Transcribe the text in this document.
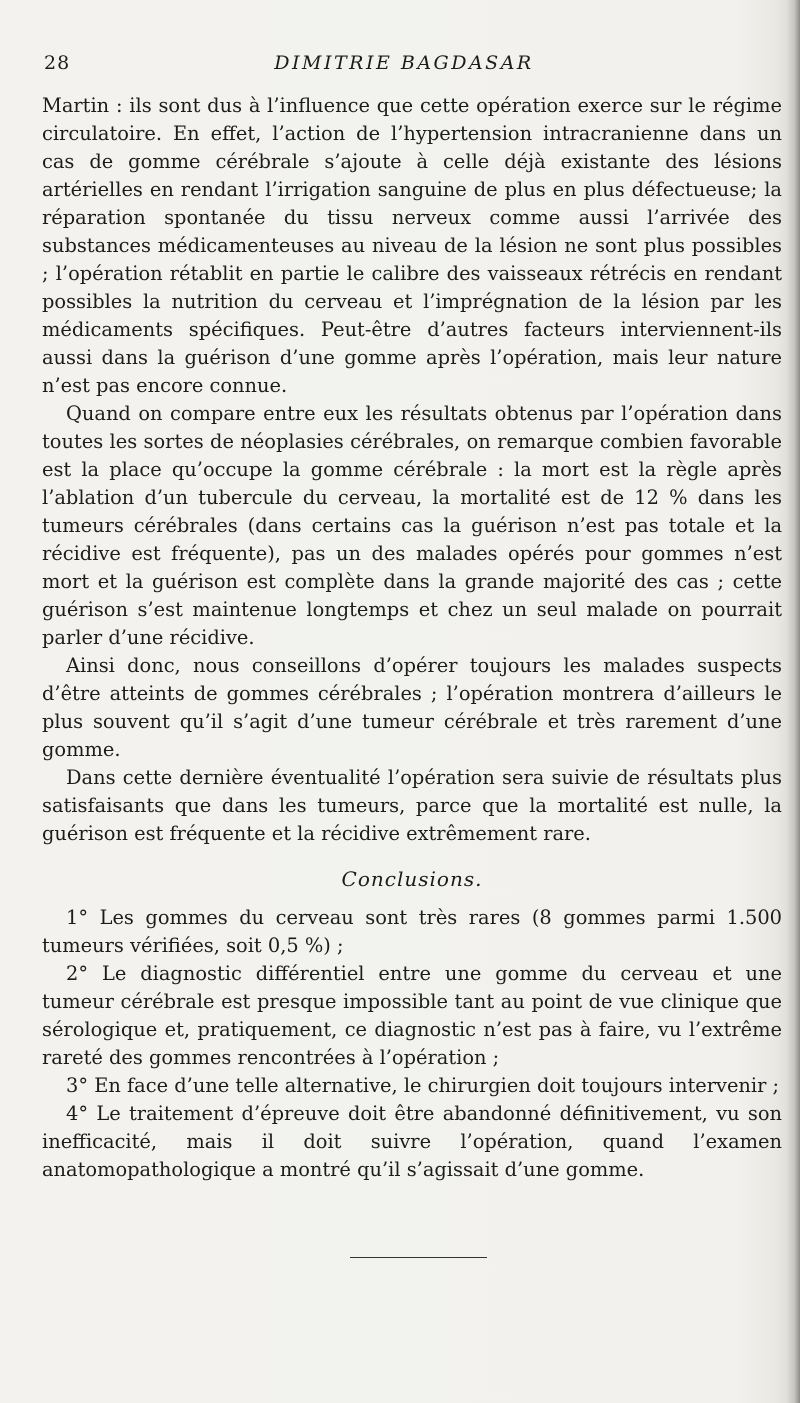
28	DIMITRIE BAGDASAR

Martin : ils sont dus à l’influence que cette opération exerce sur le régime circulatoire. En effet, l’action de l’hypertension intracranienne dans un cas de gomme cérébrale s’ajoute à celle déjà existante des lésions artérielles en rendant l’irrigation sanguine de plus en plus défectueuse; la réparation spontanée du tissu nerveux comme aussi l’arrivée des substances médicamenteuses au niveau de la lésion ne sont plus possibles ; l’opération rétablit en partie le calibre des vaisseaux rétrécis en rendant possibles la nutrition du cerveau et l’imprégnation de la lésion par les médicaments spécifiques. Peut-être d’autres facteurs interviennent-ils aussi dans la guérison d’une gomme après l’opération, mais leur nature n’est pas encore connue.

Quand on compare entre eux les résultats obtenus par l’opération dans toutes les sortes de néoplasies cérébrales, on remarque combien favorable est la place qu’occupe la gomme cérébrale : la mort est la règle après l’ablation d’un tubercule du cerveau, la mortalité est de 12 % dans les tumeurs cérébrales (dans certains cas la guérison n’est pas totale et la récidive est fréquente), pas un des malades opérés pour gommes n’est mort et la guérison est complète dans la grande majorité des cas ; cette guérison s’est maintenue longtemps et chez un seul malade on pourrait parler d’une récidive.

Ainsi donc, nous conseillons d’opérer toujours les malades suspects d’être atteints de gommes cérébrales ; l’opération montrera d’ailleurs le plus souvent qu’il s’agit d’une tumeur cérébrale et très rarement d’une gomme.

Dans cette dernière éventualité l’opération sera suivie de résultats plus satisfaisants que dans les tumeurs, parce que la mortalité est nulle, la guérison est fréquente et la récidive extrêmement rare.

Conclusions.

1° Les gommes du cerveau sont très rares (8 gommes parmi 1.500 tumeurs vérifiées, soit 0,5 %) ;

2° Le diagnostic différentiel entre une gomme du cerveau et une tumeur cérébrale est presque impossible tant au point de vue clinique que sérologique et, pratiquement, ce diagnostic n’est pas à faire, vu l’extrême rareté des gommes rencontrées à l’opération ;

3° En face d’une telle alternative, le chirurgien doit toujours intervenir ;

4° Le traitement d’épreuve doit être abandonné définitivement, vu son inefficacité, mais il doit suivre l’opération, quand l’examen anatomopathologique a montré qu’il s’agissait d’une gomme.
